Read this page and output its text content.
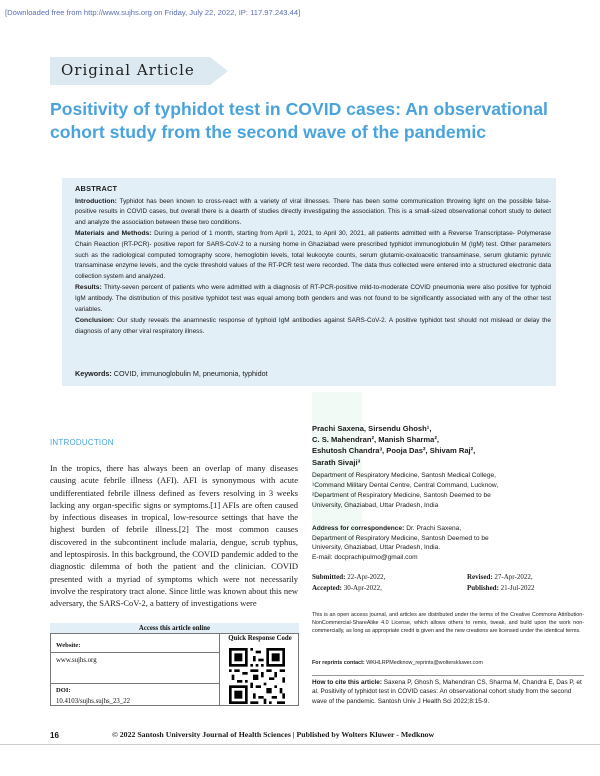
[Downloaded free from http://www.sujhs.org on Friday, July 22, 2022, IP: 117.97.243.44]
Original Article
Positivity of typhidot test in COVID cases: An observational cohort study from the second wave of the pandemic
ABSTRACT

Introduction: Typhidot has been known to cross-react with a variety of viral illnesses. There has been some communication throwing light on the possible false-positive results in COVID cases, but overall there is a dearth of studies directly investigating the association. This is a small-sized observational cohort study to detect and analyze the association between these two conditions.

Materials and Methods: During a period of 1 month, starting from April 1, 2021, to April 30, 2021, all patients admitted with a Reverse Transcriptase- Polymerase Chain Reaction (RT-PCR)- positive report for SARS-CoV-2 to a nursing home in Ghaziabad were prescribed typhidot immunoglobulin M (IgM) test. Other parameters such as the radiological computed tomography score, hemoglobin levels, total leukocyte counts, serum glutamic-oxaloacetic transaminase, serum glutamic pyruvic transaminase enzyme levels, and the cycle threshold values of the RT-PCR test were recorded. The data thus collected were entered into a structured electronic data collection system and analyzed.

Results: Thirty-seven percent of patients who were admitted with a diagnosis of RT-PCR-positive mild-to-moderate COVID pneumonia were also positive for typhoid IgM antibody. The distribution of this positive typhidot test was equal among both genders and was not found to be significantly associated with any of the other test variables.

Conclusion: Our study reveals the anamnestic response of typhoid IgM antibodies against SARS-CoV-2. A positive typhidot test should not mislead or delay the diagnosis of any other viral respiratory illness.

Keywords: COVID, immunoglobulin M, pneumonia, typhidot
INTRODUCTION

In the tropics, there has always been an overlap of many diseases causing acute febrile illness (AFI). AFI is synonymous with acute undifferentiated febrile illness defined as fevers resolving in 3 weeks lacking any organ-specific signs or symptoms.[1] AFIs are often caused by infectious diseases in tropical, low-resource settings that have the highest burden of febrile illness.[2] The most common causes discovered in the subcontinent include malaria, dengue, scrub typhus, and leptospirosis. In this background, the COVID pandemic added to the diagnostic dilemma of both the patient and the clinician. COVID presented with a myriad of symptoms which were not necessarily involve the respiratory tract alone. Since little was known about this new adversary, the SARS-CoV-2, a battery of investigations were

Prachi Saxena, Sirsendu Ghosh¹,
C. S. Mahendran², Manish Sharma²,
Eshutosh Chandra³, Pooja Das², Shivam Raj²,
Sarath Sivaji³
Department of Respiratory Medicine, Santosh Medical College,
¹Command Military Dental Centre, Central Command, Lucknow,
²Department of Respiratory Medicine, Santosh Deemed to be
University, Ghaziabad, Uttar Pradesh, India
Address for correspondence: Dr. Prachi Saxena,
Department of Respiratory Medicine, Santosh Deemed to be
University, Ghaziabad, Uttar Pradesh, India.
E-mail: docprachipulmo@gmail.com
Submitted: 22-Apr-2022,	Revised: 27-Apr-2022,
Accepted: 30-Apr-2022,	Published: 21-Jul-2022

This is an open access journal, and articles are distributed under the terms of the Creative Commons Attribution-NonCommercial-ShareAlike 4.0 License, which allows others to remix, tweak, and build upon the work non-commercially, as long as appropriate credit is given and the new creations are licensed under the identical terms.

For reprints contact: WKHLRPMedknow_reprints@wolterskluwer.com
How to cite this article: Saxena P, Ghosh S, Mahendran CS, Sharma M, Chandra E, Das P, et al. Positivity of typhidot test in COVID cases: An observational cohort study from the second wave of the pandemic. Santosh Univ J Health Sci 2022;8:15-9.
Access this article online
Quick Response Code
Website:
www.sujhs.org
DOI:
10.4103/sujhs.sujhs_23_22
16	© 2022 Santosh University Journal of Health Sciences | Published by Wolters Kluwer - Medknow
